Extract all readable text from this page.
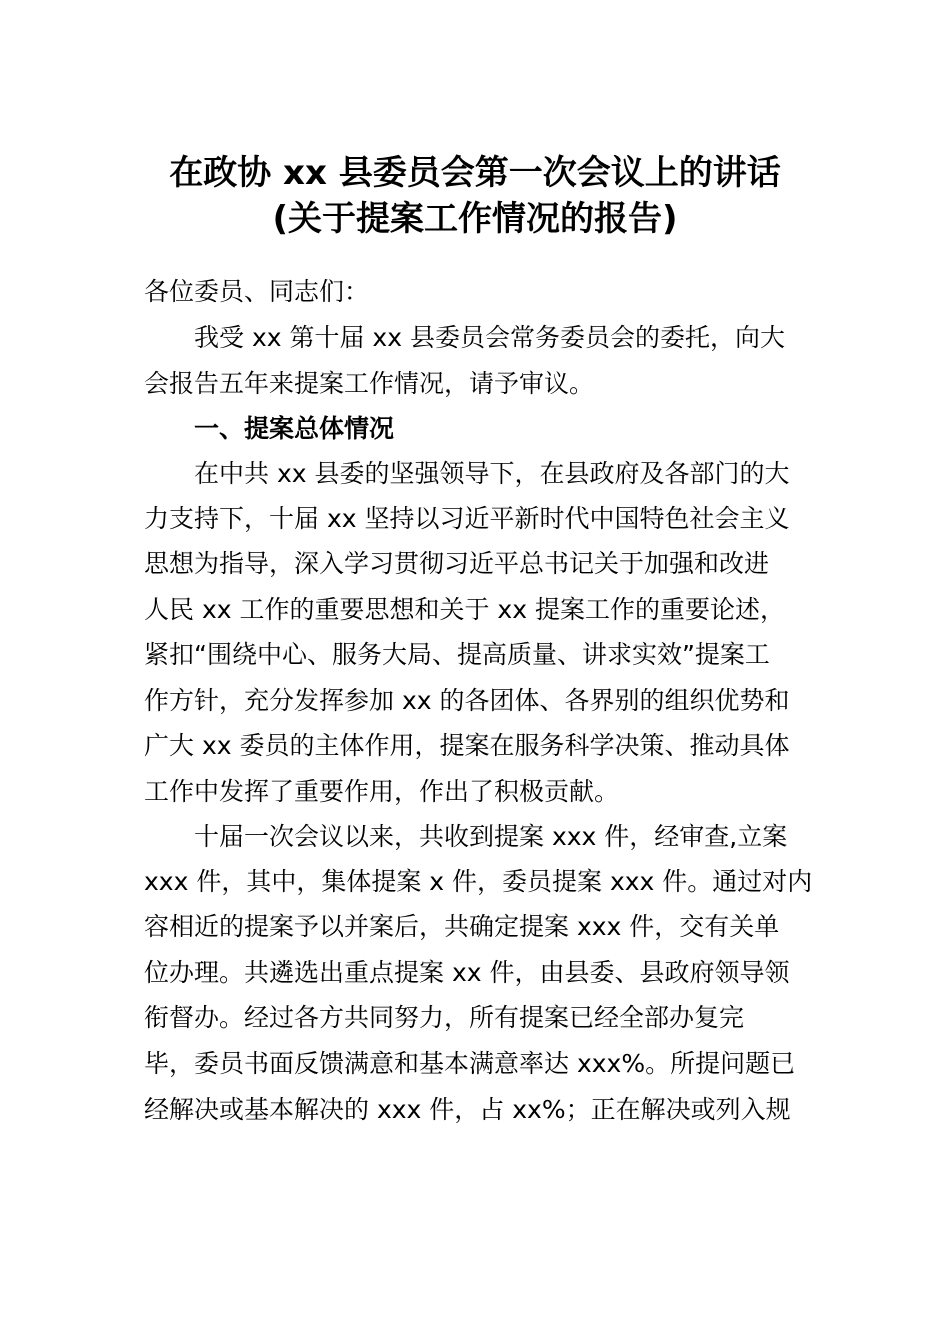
在政协 xx 县委员会第一次会议上的讲话
(关于提案工作情况的报告)
各位委员、同志们：
我受 xx 第十届 xx 县委员会常务委员会的委托，向大
会报告五年来提案工作情况，请予审议。
一、提案总体情况
在中共 xx 县委的坚强领导下，在县政府及各部门的大
力支持下，十届 xx 坚持以习近平新时代中国特色社会主义
思想为指导，深入学习贯彻习近平总书记关于加强和改进
人民 xx 工作的重要思想和关于 xx 提案工作的重要论述，
紧扣“围绕中心、服务大局、提高质量、讲求实效”提案工
作方针，充分发挥参加 xx 的各团体、各界别的组织优势和
广大 xx 委员的主体作用，提案在服务科学决策、推动具体
工作中发挥了重要作用，作出了积极贡献。
十届一次会议以来，共收到提案 xxx 件，经审查,立案
xxx 件，其中，集体提案 x 件，委员提案 xxx 件。通过对内
容相近的提案予以并案后，共确定提案 xxx 件，交有关单
位办理。共遴选出重点提案 xx 件，由县委、县政府领导领
衔督办。经过各方共同努力，所有提案已经全部办复完
毕，委员书面反馈满意和基本满意率达 xxx%。所提问题已
经解决或基本解决的 xxx 件，占 xx%；正在解决或列入规
